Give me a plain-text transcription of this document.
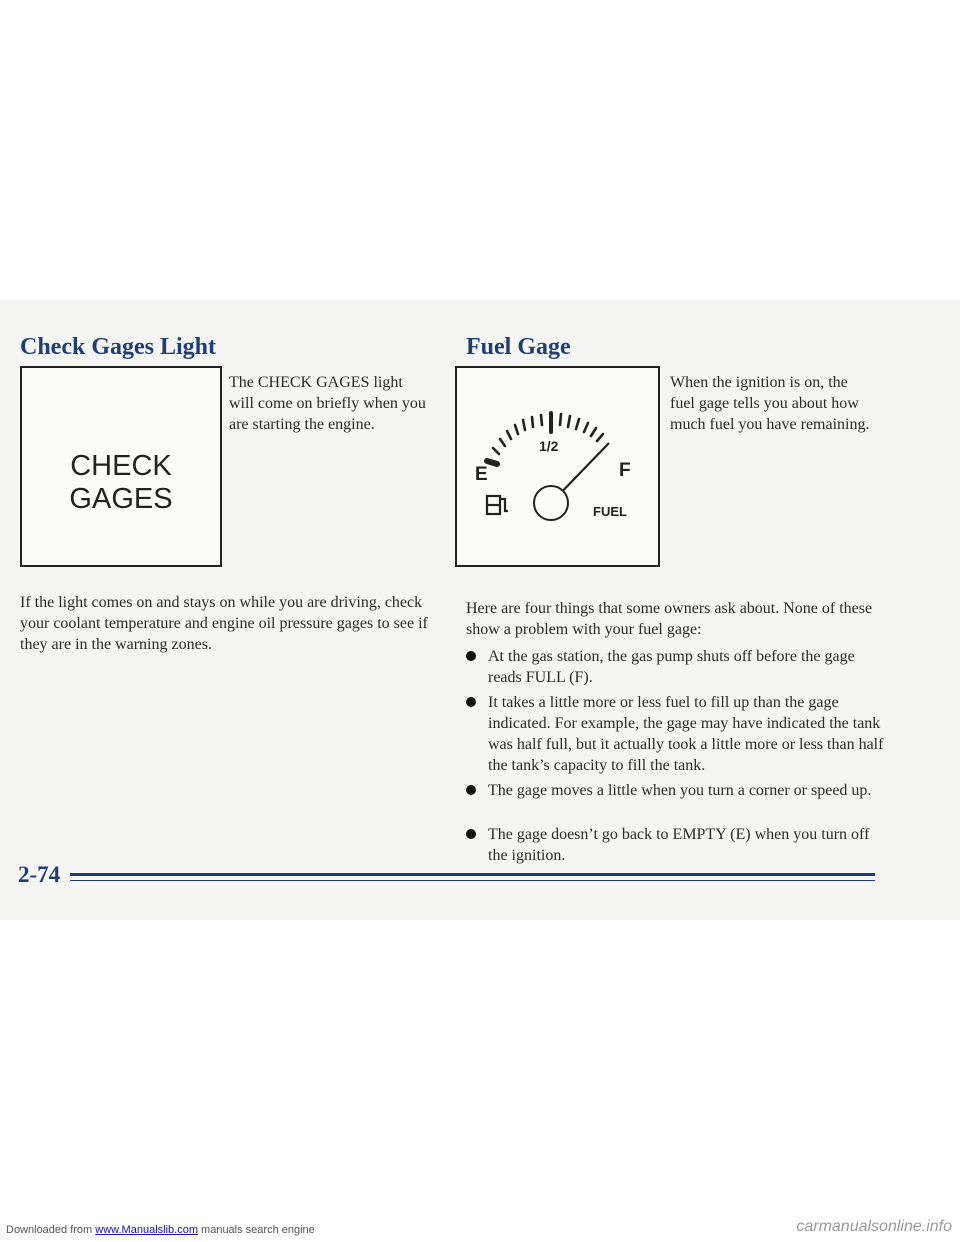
Check Gages Light
CHECK
GAGES
The CHECK GAGES light will come on briefly when you are starting the engine.
If the light comes on and stays on while you are driving, check your coolant temperature and engine oil pressure gages to see if they are in the warning zones.
Fuel Gage
1/2
E	F
FUEL
When the ignition is on, the fuel gage tells you about how much fuel you have remaining.
Here are four things that some owners ask about. None of these show a problem with your fuel gage:
At the gas station, the gas pump shuts off before the gage reads FULL (F).
It takes a little more or less fuel to fill up than the gage indicated. For example, the gage may have indicated the tank was half full, but it actually took a little more or less than half the tank’s capacity to fill the tank.
The gage moves a little when you turn a corner or speed up.
The gage doesn’t go back to EMPTY (E) when you turn off the ignition.
2-74
Downloaded from www.Manualslib.com manuals search engine	carmanualsonline.info
